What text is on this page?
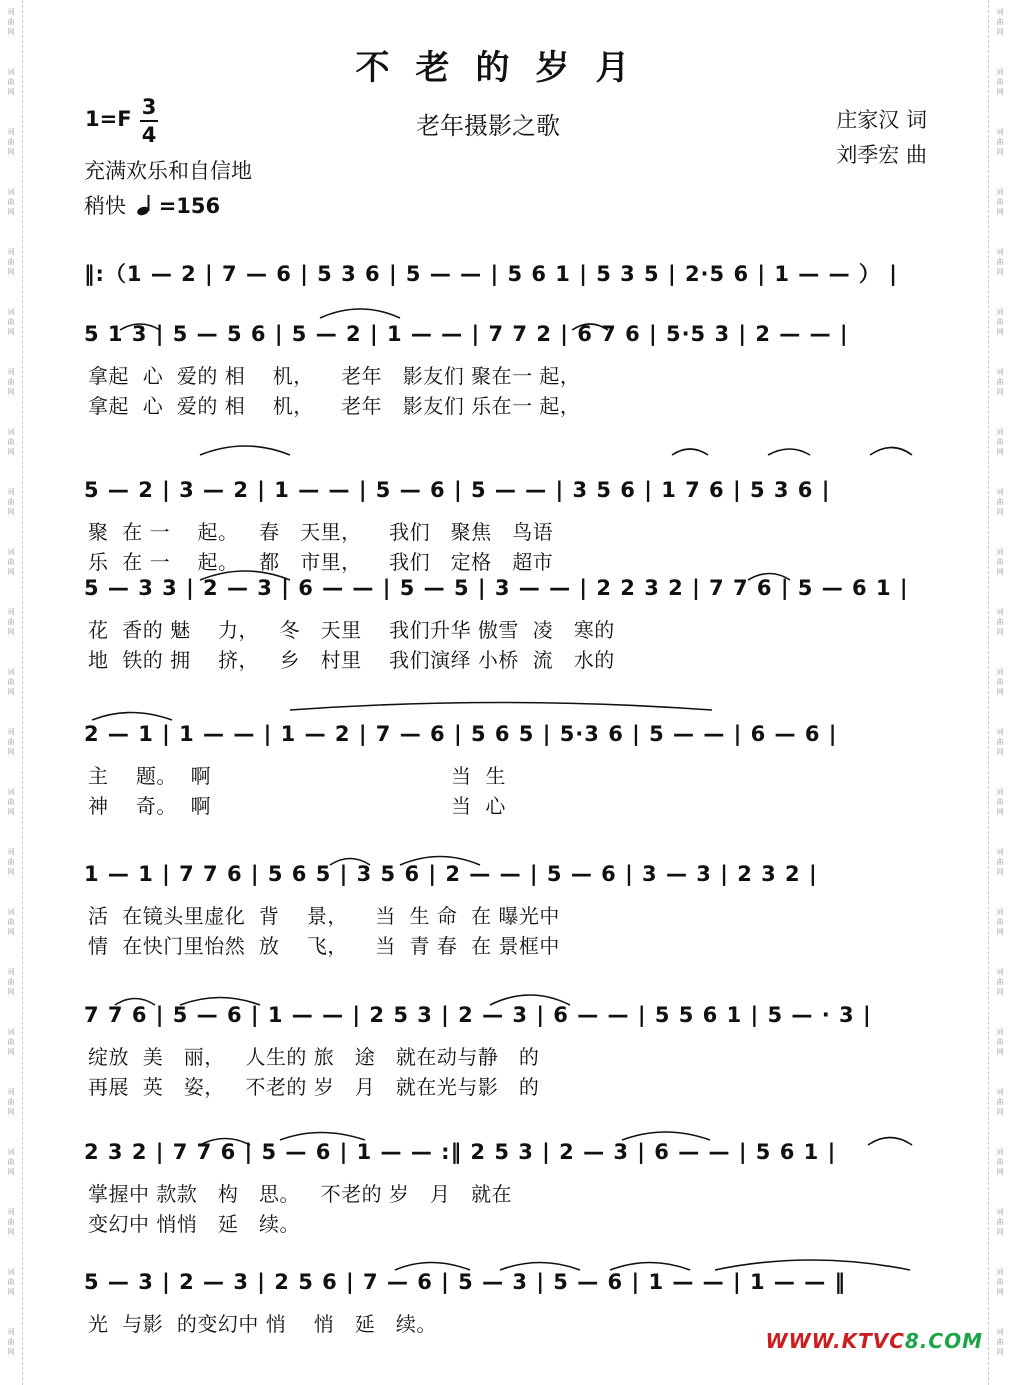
词
曲
网
词
曲
网
词
曲
网
词
曲
网
词
曲
网
词
曲
网
词
曲
网
词
曲
网
词
曲
网
词
曲
网
词
曲
网
词
曲
网
词
曲
网
词
曲
网
词
曲
网
词
曲
网
词
曲
网
词
曲
网
词
曲
网
词
曲
网
词
曲
网
词
曲
网
词
曲
网
词
曲
网
词
曲
网
词
曲
网
词
曲
网
词
曲
网
词
曲
网
词
曲
网
词
曲
网
词
曲
网
词
曲
网
词
曲
网
词
曲
网
词
曲
网
词
曲
网
词
曲
网
词
曲
网
词
曲
网
词
曲
网
词
曲
网
词
曲
网
词
曲
网
词
曲
网
词
曲
网
不老的岁月
1=F 3
4	老年摄影之歌	庄家汉 词
刘季宏 曲
充满欢乐和自信地
稍快 =156
‖:（1 — 2 | 7 — 6 | 5 3 6 | 5 — — | 5 6 1 | 5 3 5 | 2·5 6 | 1 — — ） |
5 1 3 | 5 — 5 6 | 5 — 2 | 1 — — | 7 7 2 | 6 7 6 | 5·5 3 | 2 — — |
拿起  心  爱的 相    机，    老年   影友们 聚在一 起，
拿起  心  爱的 相    机，    老年   影友们 乐在一 起，
5 — 2 | 3 — 2 | 1 — — | 5 — 6 | 5 — — | 3 5 6 | 1 7 6 | 5 3 6 |
聚  在 一    起。   春   天里，    我们   聚焦   鸟语
乐  在 一    起。   都   市里，    我们   定格   超市
5 — 3 3 | 2 — 3 | 6 — — | 5 — 5 | 3 — — | 2 2 3 2 | 7 7 6 | 5 — 6 1 |
花  香的 魅    力，   冬   天里    我们升华 傲雪  凌   寒的
地  铁的 拥    挤，   乡   村里    我们演绎 小桥  流   水的
2 — 1 | 1 — — | 1 — 2 | 7 — 6 | 5 6 5 | 5·3 6 | 5 — — | 6 — 6 |
主    题。  啊                                   当  生
神    奇。  啊                                   当  心
1 — 1 | 7 7 6 | 5 6 5 | 3 5 6 | 2 — — | 5 — 6 | 3 — 3 | 2 3 2 |
活  在镜头里虚化  背    景，    当  生 命  在 曝光中
情  在快门里怡然  放    飞，    当  青 春  在 景框中
7 7 6 | 5 — 6 | 1 — — | 2 5 3 | 2 — 3 | 6 — — | 5 5 6 1 | 5 — · 3 |
绽放  美   丽，   人生的 旅   途   就在动与静   的
再展  英   姿，   不老的 岁   月   就在光与影   的
2 3 2 | 7 7 6 | 5 — 6 | 1 — — :‖ 2 5 3 | 2 — 3 | 6 — — | 5 6 1 |
掌握中 款款   构   思。   不老的 岁   月   就在
变幻中 悄悄   延   续。
5 — 3 | 2 — 3 | 2 5 6 | 7 — 6 | 5 — 3 | 5 — 6 | 1 — — | 1 — — ‖
光  与影  的变幻中 悄    悄   延   续。
WWW.KTVC8.COM
